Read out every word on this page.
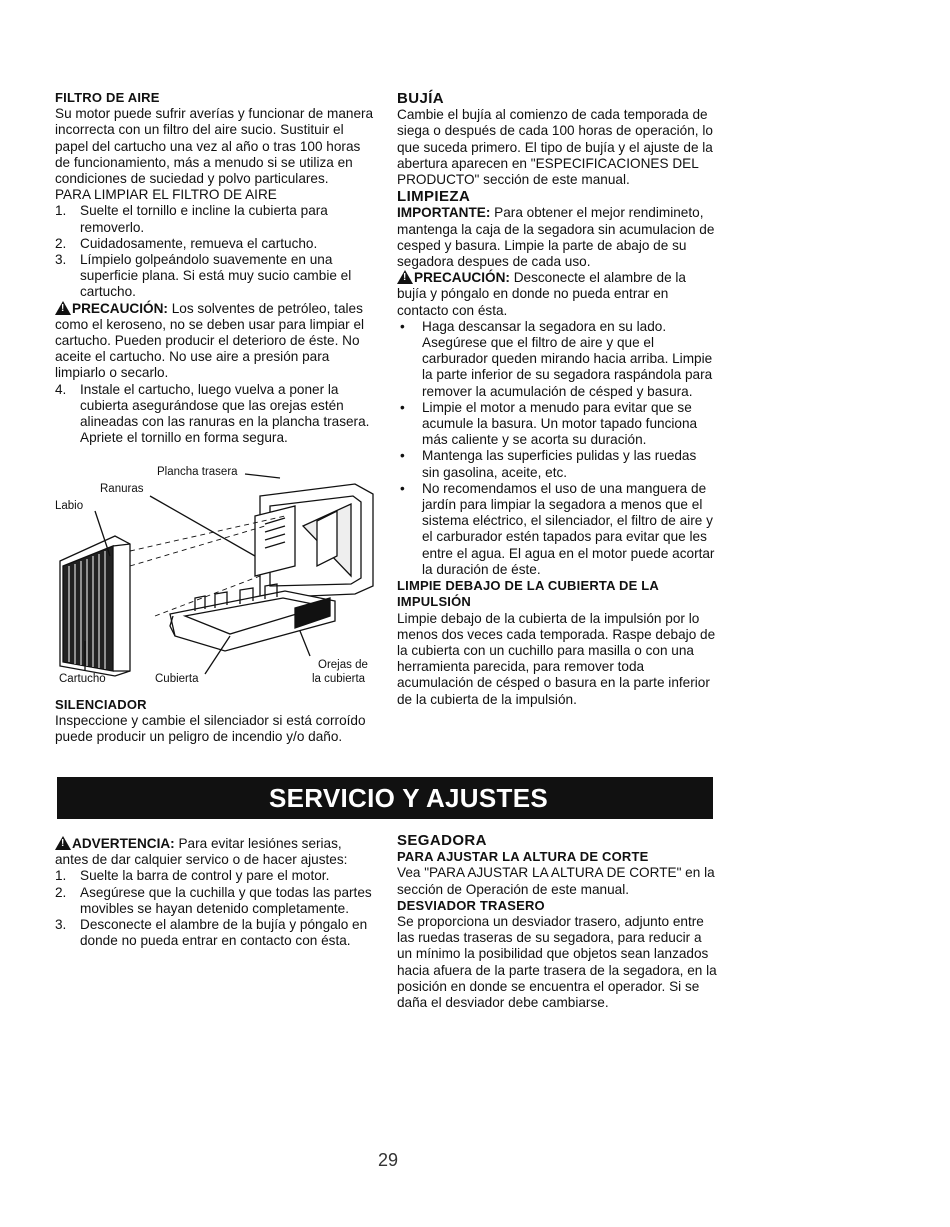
FILTRO DE AIRE

Su motor puede sufrir averías y funcionar de manera incorrecta con un filtro del aire sucio. Sustituir el papel del cartucho una vez al año o tras 100 horas de funcionamiento, más a menudo si se utiliza en condiciones de suciedad y polvo particulares.

PARA LIMPIAR EL FILTRO DE AIRE

1. Suelte el tornillo e incline la cubierta para removerlo.
2. Cuidadosamente, remueva el cartucho.
3. Límpielo golpeándolo suavemente en una superficie plana. Si está muy sucio cambie el cartucho.

!PRECAUCIÓN: Los solventes de petróleo, tales como el keroseno, no se deben usar para limpiar el cartucho. Pueden producir el deterioro de éste. No aceite el cartucho. No use aire a presión para limpiarlo o secarlo.

4. Instale el cartucho, luego vuelva a poner la cubierta asegurándose que las orejas estén alineadas con las ranuras en la plancha trasera. Apriete el tornillo en forma segura.
Plancha trasera
Ranuras
Labio
Orejas de
la cubierta
Cartucho	Cubierta

SILENCIADOR

Inspeccione y cambie el silenciador si está corroído puede producir un peligro de incendio y/o daño.

BUJÍA

Cambie el bujía al comienzo de cada temporada de siega o después de cada 100 horas de operación, lo que suceda primero. El tipo de bujía y el ajuste de la abertura aparecen en "ESPECIFICACIONES DEL PRODUCTO" sección de este manual.

LIMPIEZA

IMPORTANTE: Para obtener el mejor rendimineto, mantenga la caja de la segadora sin acumulacion de cesped y basura. Limpie la parte de abajo de su segadora despues de cada uso.

!PRECAUCIÓN: Desconecte el alambre de la bujía y póngalo en donde no pueda entrar en contacto con ésta.

• Haga descansar la segadora en su lado. Asegúrese que el filtro de aire y que el carburador queden mirando hacia arriba. Limpie la parte inferior de su segadora raspándola para remover la acumulación de césped y basura.
• Limpie el motor a menudo para evitar que se acumule la basura. Un motor tapado funciona más caliente y se acorta su duración.
• Mantenga las superficies pulidas y las ruedas sin gasolina, aceite, etc.
• No recomendamos el uso de una manguera de jardín para limpiar la segadora a menos que el sistema eléctrico, el silenciador, el filtro de aire y el carburador estén tapados para evitar que les entre el agua. El agua en el motor puede acortar la duración de éste.

LIMPIE DEBAJO DE LA CUBIERTA DE LA IMPULSIÓN

Limpie debajo de la cubierta de la impulsión por lo menos dos veces cada temporada. Raspe debajo de la cubierta con un cuchillo para masilla o con una herramienta parecida, para remover toda acumulación de césped o basura en la parte inferior de la cubierta de la impulsión.

SERVICIO Y AJUSTES

!ADVERTENCIA: Para evitar lesiónes serias, antes de dar calquier servico o de hacer ajustes:

1. Suelte la barra de control y pare el motor.
2. Asegúrese que la cuchilla y que todas las partes movibles se hayan detenido completamente.
3. Desconecte el alambre de la bujía y póngalo en donde no pueda entrar en contacto con ésta.

SEGADORA

PARA AJUSTAR LA ALTURA DE CORTE

Vea "PARA AJUSTAR LA ALTURA DE CORTE" en la sección de Operación de este manual.

DESVIADOR TRASERO

Se proporciona un desviador trasero, adjunto entre las ruedas traseras de su segadora, para reducir a un mínimo la posibilidad que objetos sean lanzados hacia afuera de la parte trasera de la segadora, en la posición en donde se encuentra el operador. Si se daña el desviador debe cambiarse.

29
